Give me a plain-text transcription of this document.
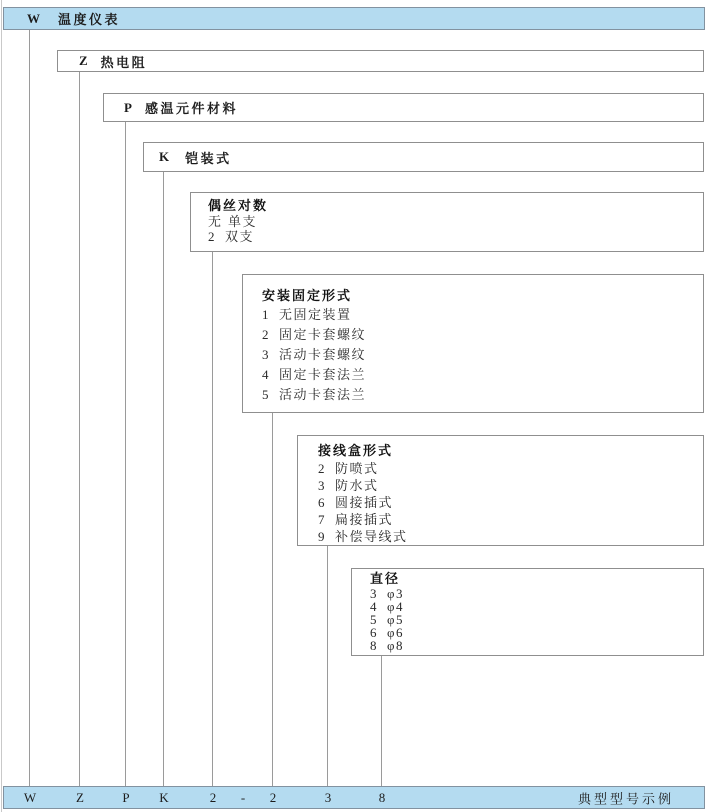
W 温度仪表
Z 热电阻
P 感温元件材料
K 铠装式
偶丝对数
无 单支
2 双支
安装固定形式
1 无固定装置
2 固定卡套螺纹
3 活动卡套螺纹
4 固定卡套法兰
5 活动卡套法兰
接线盒形式
2 防喷式
3 防水式
6 圆接插式
7 扁接插式
9 补偿导线式
直径
3 φ3
4 φ4
5 φ5
6 φ6
8 φ8
W	Z	P K	2 - 2	3	8	典型型号示例
